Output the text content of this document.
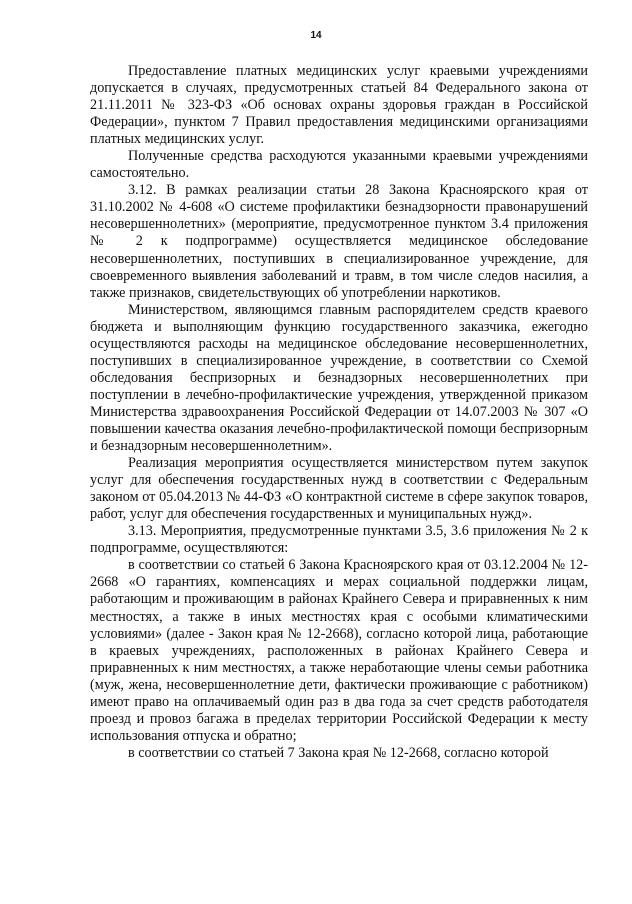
14

Предоставление платных медицинских услуг краевыми учреждениями допускается в случаях, предусмотренных статьей 84 Федерального закона от 21.11.2011 № 323-ФЗ «Об основах охраны здоровья граждан в Российской Федерации», пунктом 7 Правил предоставления медицинскими организациями платных медицинских услуг.

Полученные средства расходуются указанными краевыми учреждениями самостоятельно.

3.12. В рамках реализации статьи 28 Закона Красноярского края от 31.10.2002 № 4-608 «О системе профилактики безнадзорности правонарушений несовершеннолетних» (мероприятие, предусмотренное пунктом 3.4 приложения № 2 к подпрограмме) осуществляется медицинское обследование несовершеннолетних, поступивших в специализированное учреждение, для своевременного выявления заболеваний и травм, в том числе следов насилия, а также признаков, свидетельствующих об употреблении наркотиков.

Министерством, являющимся главным распорядителем средств краевого бюджета и выполняющим функцию государственного заказчика, ежегодно осуществляются расходы на медицинское обследование несовершеннолетних, поступивших в специализированное учреждение, в соответствии со Схемой обследования беспризорных и безнадзорных несовершеннолетних при поступлении в лечебно-профилактические учреждения, утвержденной приказом Министерства здравоохранения Российской Федерации от 14.07.2003 № 307 «О повышении качества оказания лечебно-профилактической помощи беспризорным и безнадзорным несовершеннолетним».

Реализация мероприятия осуществляется министерством путем закупок услуг для обеспечения государственных нужд в соответствии с Федеральным законом от 05.04.2013 № 44-ФЗ «О контрактной системе в сфере закупок товаров, работ, услуг для обеспечения государственных и муниципальных нужд».

3.13. Мероприятия, предусмотренные пунктами 3.5, 3.6 приложения № 2 к подпрограмме, осуществляются:

в соответствии со статьей 6 Закона Красноярского края от 03.12.2004 № 12-2668 «О гарантиях, компенсациях и мерах социальной поддержки лицам, работающим и проживающим в районах Крайнего Севера и приравненных к ним местностях, а также в иных местностях края с особыми климатическими условиями» (далее - Закон края № 12-2668), согласно которой лица, работающие в краевых учреждениях, расположенных в районах Крайнего Севера и приравненных к ним местностях, а также неработающие члены семьи работника (муж, жена, несовершеннолетние дети, фактически проживающие с работником) имеют право на оплачиваемый один раз в два года за счет средств работодателя проезд и провоз багажа в пределах территории Российской Федерации к месту использования отпуска и обратно;

в соответствии со статьей 7 Закона края № 12-2668, согласно которой
